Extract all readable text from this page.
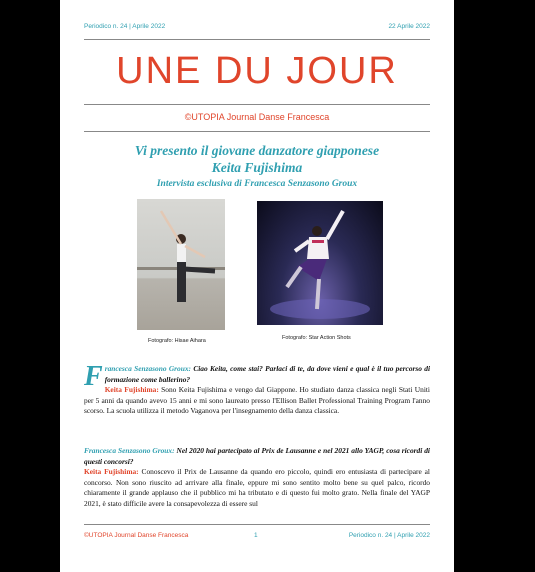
Periodico n. 24 | Aprile 2022	22 Aprile 2022
UNE DU JOUR
©UTOPIA Journal Danse Francesca
Vi presento il giovane danzatore giapponese
Keita Fujishima
Intervista esclusiva di Francesca Senzasono Groux
Fotografo: Hisae Aihara	Fotografo: Star Action Shots
F rancesca Senzasono Groux: Ciao Keita, come stai? Parlaci di te, da dove vieni e qual è il tuo percorso di formazione come ballerino?
Keita Fujishima: Sono Keita Fujishima e vengo dal Giappone. Ho studiato danza classica negli Stati Uniti per 5 anni da quando avevo 15 anni e mi sono laureato presso l'Ellison Ballet Professional Training Program l'anno scorso. La scuola utilizza il metodo Vaganova per l'insegnamento della danza classica.
Francesca Senzasono Groux: Nel 2020 hai partecipato al Prix de Lausanne e nel 2021 allo YAGP, cosa ricordi di questi concorsi?
Keita Fujishima: Conoscevo il Prix de Lausanne da quando ero piccolo, quindi ero entusiasta di partecipare al concorso. Non sono riuscito ad arrivare alla finale, eppure mi sono sentito molto bene su quel palco, ricordo chiaramente il grande applauso che il pubblico mi ha tributato e di questo fui molto grato. Nella finale del YAGP 2021, è stato difficile avere la consapevolezza di essere sul
©UTOPIA Journal Danse Francesca	1	Periodico n. 24 | Aprile 2022
